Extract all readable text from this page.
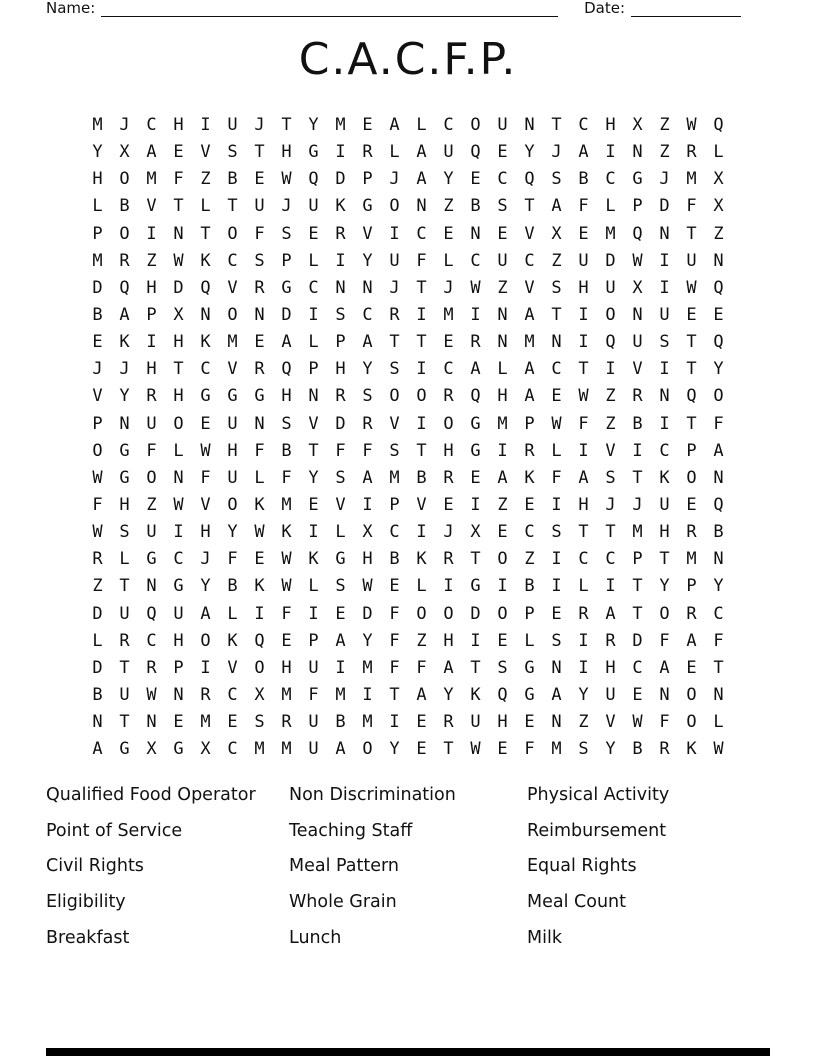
Name:	Date:
C.A.C.F.P.
M J C H I U J T Y M E A L C O U N T C H X Z W Q
Y X A E V S T H G I R L A U Q E Y J A I N Z R L
H O M F Z B E W Q D P J A Y E C Q S B C G J M X
L B V T L T U J U K G O N Z B S T A F L P D F X
P O I N T O F S E R V I C E N E V X E M Q N T Z
M R Z W K C S P L I Y U F L C U C Z U D W I U N
D Q H D Q V R G C N N J T J W Z V S H U X I W Q
B A P X N O N D I S C R I M I N A T I O N U E E
E K I H K M E A L P A T T E R N M N I Q U S T Q
J J H T C V R Q P H Y S I C A L A C T I V I T Y
V Y R H G G G H N R S O O R Q H A E W Z R N Q O
P N U O E U N S V D R V I O G M P W F Z B I T F
O G F L W H F B T F F S T H G I R L I V I C P A
W G O N F U L F Y S A M B R E A K F A S T K O N
F H Z W V O K M E V I P V E I Z E I H J J U E Q
W S U I H Y W K I L X C I J X E C S T T M H R B
R L G C J F E W K G H B K R T O Z I C C P T M N
Z T N G Y B K W L S W E L I G I B I L I T Y P Y
D U Q U A L I F I E D F O O D O P E R A T O R C
L R C H O K Q E P A Y F Z H I E L S I R D F A F
D T R P I V O H U I M F F A T S G N I H C A E T
B U W N R C X M F M I T A Y K Q G A Y U E N O N
N T N E M E S R U B M I E R U H E N Z V W F O L
A G X G X C M M U A O Y E T W E F M S Y B R K W
Qualified Food Operator
Point of Service
Civil Rights
Eligibility
Breakfast
Non Discrimination
Teaching Staff
Meal Pattern
Whole Grain
Lunch
Physical Activity
Reimbursement
Equal Rights
Meal Count
Milk
